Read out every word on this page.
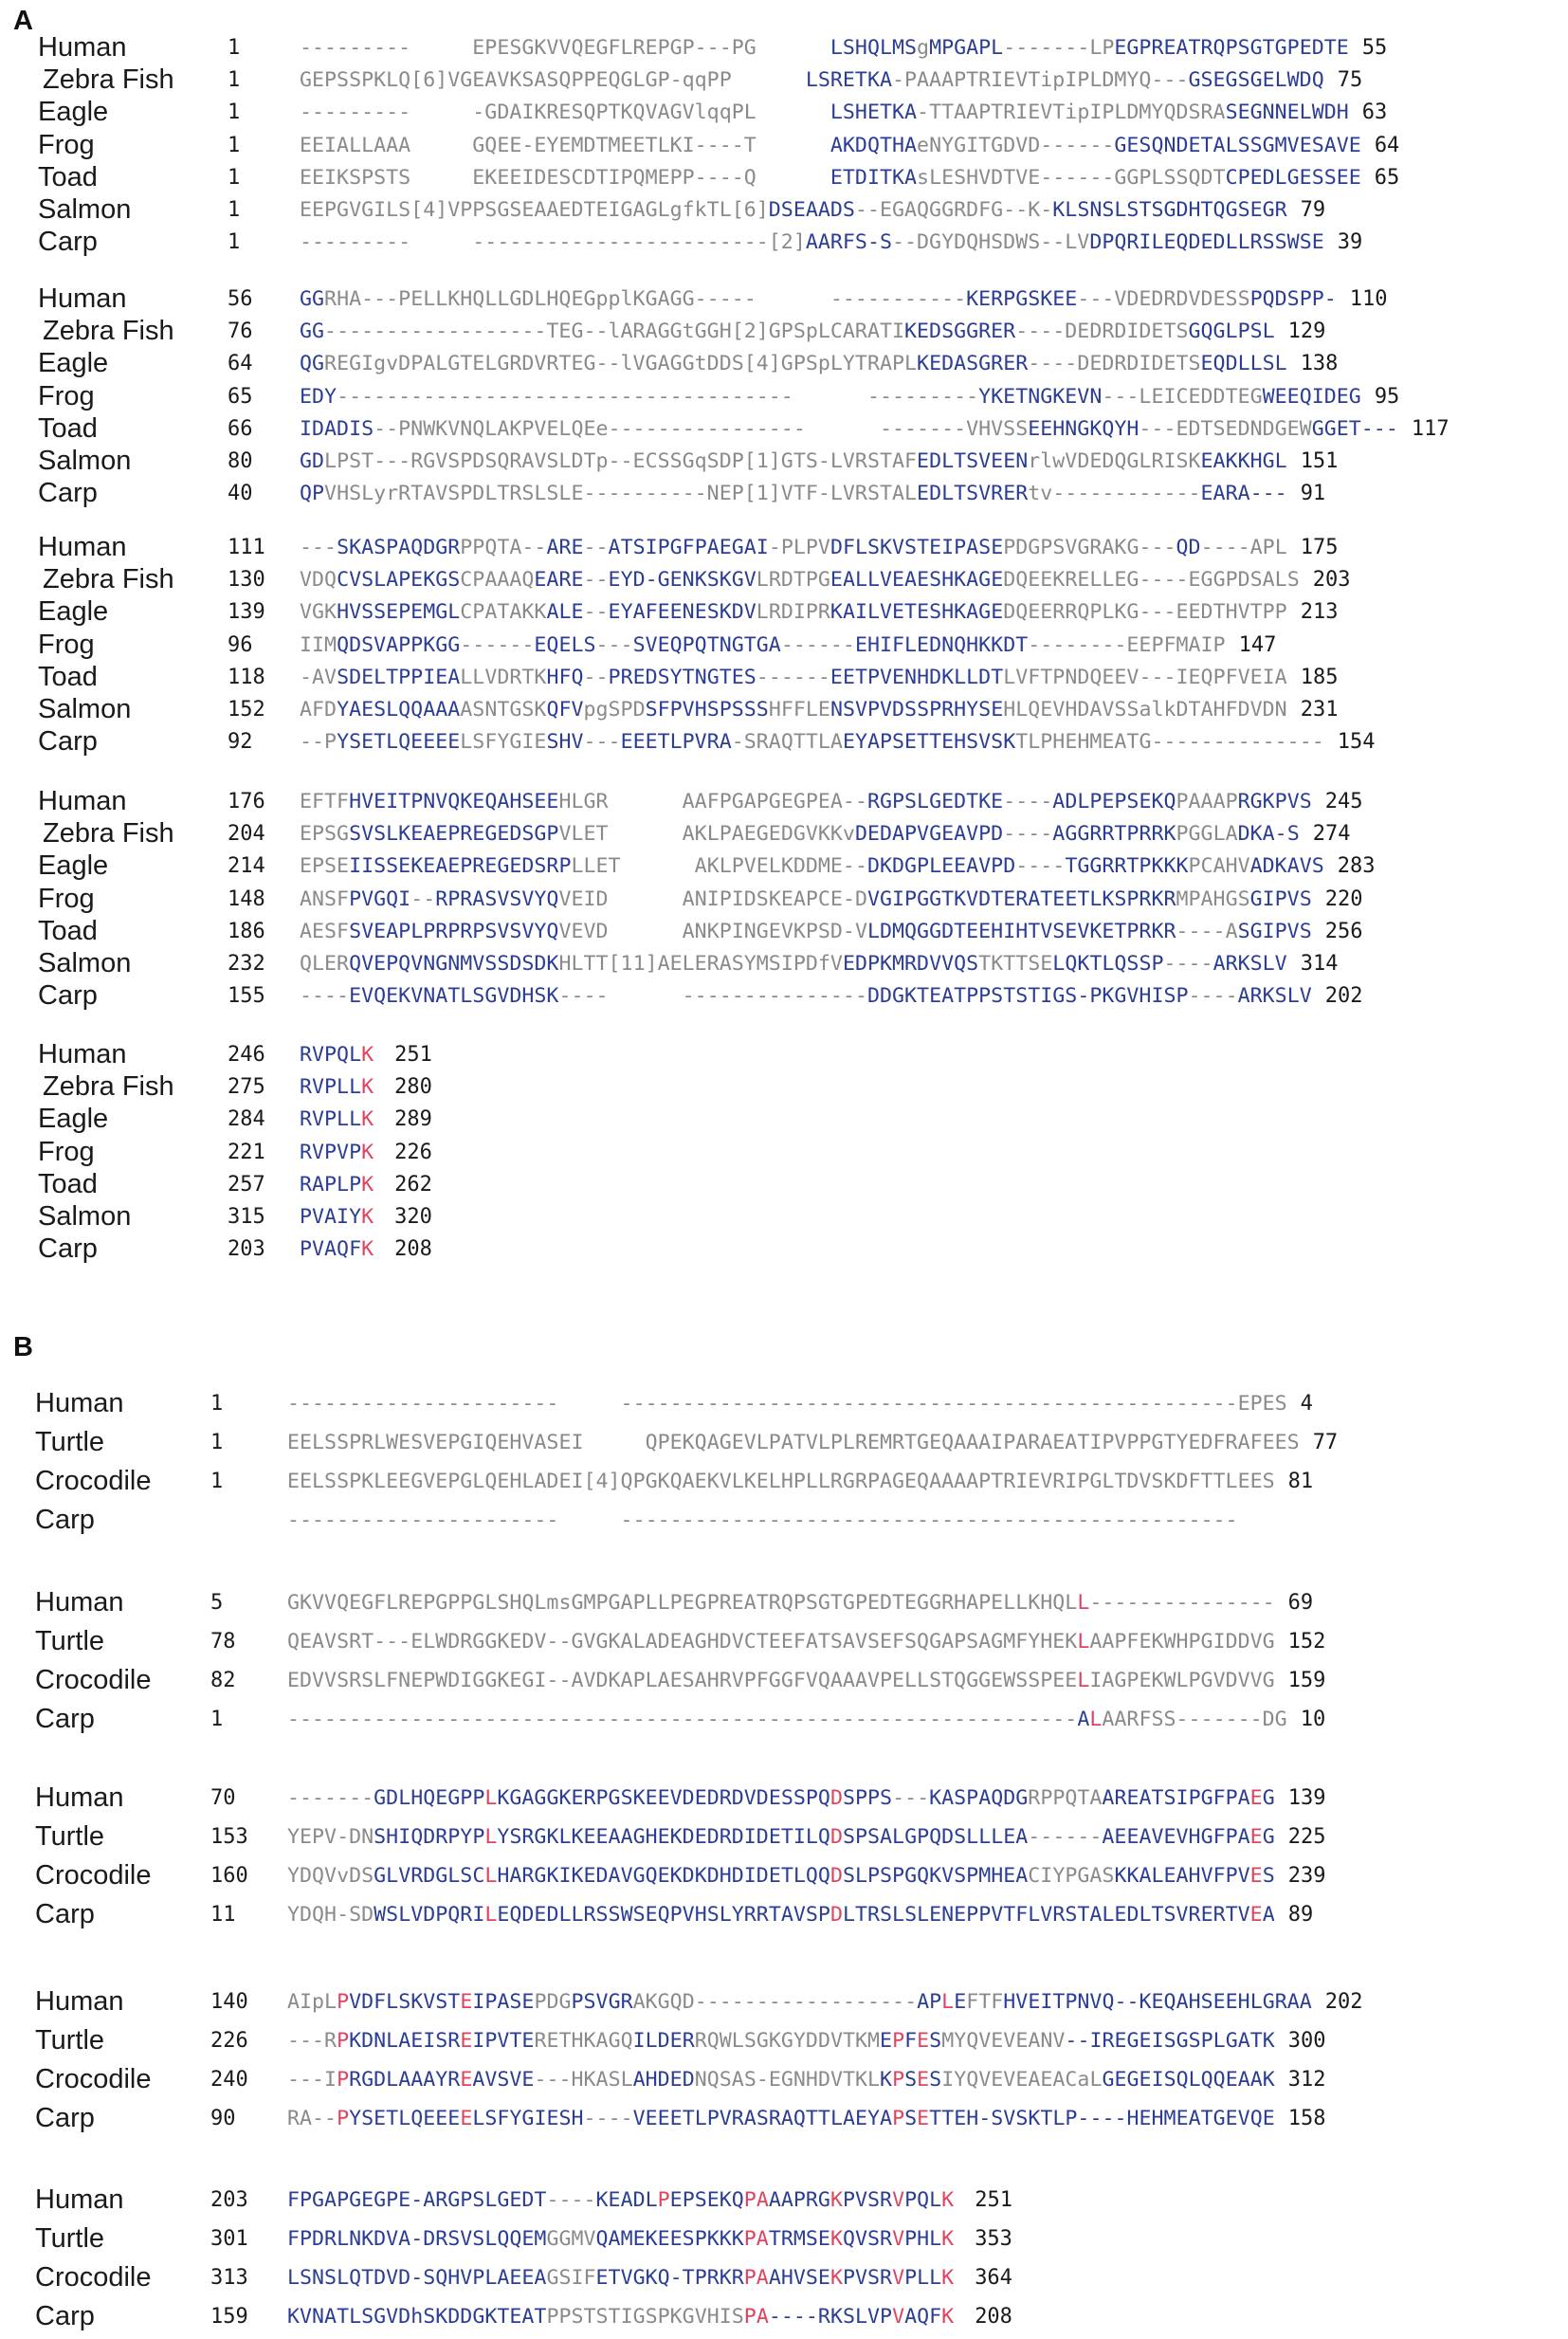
A
B
Human	1	---------     EPESGKVVQEGFLREPGP---PG      LSHQLMSgMPGAPL-------LPEGPREATRQPSGTGPEDTE 55
Zebra Fish	1	GEPSSPKLQ[6]VGEAVKSASQPPEQGLGP-qqPP      LSRETKA-PAAAPTRIEVTipIPLDMYQ---GSEGSGELWDQ 75
Eagle	1	---------     -GDAIKRESQPTKQVAGVlqqPL      LSHETKA-TTAAPTRIEVTipIPLDMYQDSRASEGNNELWDH 63
Frog	1	EEIALLAAA     GQEE-EYEMDTMEETLKI----T      AKDQTHAeNYGITGDVD------GESQNDETALSSGMVESAVE 64
Toad	1	EEIKSPSTS     EKEEIDESCDTIPQMEPP----Q      ETDITKAsLESHVDTVE------GGPLSSQDTCPEDLGESSEE 65
Salmon	1	EEPGVGILS[4]VPPSGSEAAEDTEIGAGLgfkTL[6]DSEAADS--EGAQGGRDFG--K-KLSNSLSTSGDHTQGSEGR 79
Carp	1	---------     ------------------------[2]AARFS-S--DGYDQHSDWS--LVDPQRILEQDEDLLRSSWSE 39
Human	56 GGRHA---PELLKHQLLGDLHQEGpplKGAGG-----      -----------KERPGSKEE---VDEDRDVDESSPQDSPP- 110
Zebra Fish	76 GG------------------TEG--lARAGGtGGH[2]GPSpLCARATIKEDSGGRER----DEDRDIDETSGQGLPSL 129
Eagle	64 QGREGIgvDPALGTELGRDVRTEG--lVGAGGtDDS[4]GPSpLYTRAPLKEDASGRER----DEDRDIDETSEQDLLSL 138
Frog	65 EDY-------------------------------------      ---------YKETNGKEVN---LEICEDDTEGWEEQIDEG 95
Toad	66 IDADIS--PNWKVNQLAKPVELQEe----------------      -------VHVSSEEHNGKQYH---EDTSEDNDGEWGGET--- 117
Salmon	80 GDLPST---RGVSPDSQRAVSLDTp--ECSSGqSDP[1]GTS-LVRSTAFEDLTSVEENrlwVDEDQGLRISKEAKKHGL 151
Carp	40 QPVHSLyrRTAVSPDLTRSLSLE----------NEP[1]VTF-LVRSTALEDLTSVRERtv------------EARA--- 91
Human	111 ---SKASPAQDGRPPQTA--ARE--ATSIPGFPAEGAI-PLPVDFLSKVSTEIPASEPDGPSVGRAKG---QD----APL 175
Zebra Fish	130 VDQCVSLAPEKGSCPAAAQEARE--EYD-GENKSKGVLRDTPGEALLVEAESHKAGEDQEEKRELLEG----EGGPDSALS 203
Eagle	139 VGKHVSSEPEMGLCPATAKKALE--EYAFEENESKDVLRDIPRKAILVETESHKAGEDQEERRQPLKG---EEDTHVTPP 213
Frog	96 IIMQDSVAPPKGG------EQELS---SVEQPQTNGTGA------EHIFLEDNQHKKDT--------EEPFMAIP 147
Toad	118 -AVSDELTPPIEALLVDRTKHFQ--PREDSYTNGTES------EETPVENHDKLLDTLVFTPNDQEEV---IEQPFVEIA 185
Salmon	152 AFDYAESLQQAAAASNTGSKQFVpgSPDSFPVHSPSSSHFFLENSVPVDSSPRHYSEHLQEVHDAVSSalkDTAHFDVDN 231
Carp	92 --PYSETLQEEEELSFYGIESHV---EEETLPVRA-SRAQTTLAEYAPSETTEHSVSKTLPHEHMEATG-------------- 154
Human	176 EFTFHVEITPNVQKEQAHSEEHLGR      AAFPGAPGEGPEA--RGPSLGEDTKE----ADLPEPSEKQPAAAPRGKPVS 245
Zebra Fish	204 EPSGSVSLKEAEPREGEDSGPVLET      AKLPAEGEDGVKKvDEDAPVGEAVPD----AGGRRTPRRKPGGLADKA-S 274
Eagle	214 EPSEIISSEKEAEPREGEDSRPLLET      AKLPVELKDDME--DKDGPLEEAVPD----TGGRRTPKKKPCAHVADKAVS 283
Frog	148 ANSFPVGQI--RPRASVSVYQVEID      ANIPIDSKEAPCE-DVGIPGGTKVDTERATEETLKSPRKRMPAHGSGIPVS 220
Toad	186 AESFSVEAPLPRPRPSVSVYQVEVD      ANKPINGEVKPSD-VLDMQGGDTEEHIHTVSEVKETPRKR----ASGIPVS 256
Salmon	232 QLERQVEPQVNGNMVSSDSDKHLTT[11]AELERASYMSIPDfVEDPKMRDVVQSTKTTSELQKTLQSSP----ARKSLV 314
Carp	155 ----EVQEKVNATLSGVDHSK----      ---------------DDGKTEATPPSTSTIGS-PKGVHISP----ARKSLV 202
Human	246 RVPQLK 251
Zebra Fish	275 RVPLLK 280
Eagle	284 RVPLLK 289
Frog	221 RVPVPK 226
Toad	257 RAPLPK 262
Salmon	315 PVAIYK 320
Carp	203 PVAQFK 208
Human	1	----------------------     --------------------------------------------------EPES 4
Turtle	1	EELSSPRLWESVEPGIQEHVASEI     QPEKQAGEVLPATVLPLREMRTGEQAAAIPARAEATIPVPPGTYEDFRAFEES 77
Crocodile	1	EELSSPKLEEGVEPGLQEHLADEI[4]QPGKQAEKVLKELHPLLRGRPAGEQAAAAPTRIEVRIPGLTDVSKDFTTLEES 81
Carp	----------------------     --------------------------------------------------
Human	5	GKVVQEGFLREPGPPGLSHQLmsGMPGAPLLPEGPREATRQPSGTGPEDTEGGRHAPELLKHQLL--------------- 69
Turtle	78	QEAVSRT---ELWDRGGKEDV--GVGKALADEAGHDVCTEEFATSAVSEFSQGAPSAGMFYHEKLAAPFEKWHPGIDDVG 152
Crocodile	82	EDVVSRSLFNEPWDIGGKEGI--AVDKAPLAESAHRVPFGGFVQAAAVPELLSTQGGEWSSPEELIAGPEKWLPGVDVVG 159
Carp	1	----------------------------------------------------------------ALAARFSS-------DG 10
Human	70	-------GDLHQEGPPLKGAGGKERPGSKEEVDEDRDVDESSPQDSPPS---KASPAQDGRPPQTAAREATSIPGFPAEG 139
Turtle	153 YEPV-DNSHIQDRPYPLYSRGKLKEEAAGHEKDEDRDIDETILQDSPSALGPQDSLLLEA------AEEAVEVHGFPAEG 225
Crocodile	160 YDQVvDSGLVRDGLSCLHARGKIKEDAVGQEKDKDHDIDETLQQDSLPSPGQKVSPMHEACIYPGASKKALEAHVFPVES 239
Carp	11	YDQH-SDWSLVDPQRILEQDEDLLRSSWSEQPVHSLYRRTAVSPDLTRSLSLENEPPVTFLVRSTALEDLTSVRERTVEA 89
Human	140 AIpLPVDFLSKVSTEIPASEPDGPSVGRAKGQD------------------APLEFTFHVEITPNVQ--KEQAHSEEHLGRAA 202
Turtle	226 ---RPKDNLAEISREIPVTERETHKAGQILDERRQWLSGKGYDDVTKMEPFESMYQVEVEANV--IREGEISGSPLGATK 300
Crocodile	240 ---IPRGDLAAAYREAVSVE---HKASLAHDEDNQSAS-EGNHDVTKLKPSESIYQVEVEAEACaLGEGEISQLQQEAAK 312
Carp	90	RA--PYSETLQEEEELSFYGIESH----VEEETLPVRASRAQTTLAEYAPSETTEH-SVSKTLP----HEHMEATGEVQE 158
Human	203 FPGAPGEGPE-ARGPSLGEDT----KEADLPEPSEKQPAAAPRGKPVSRVPQLK 251
Turtle	301 FPDRLNKDVA-DRSVSLQQEMGGMVQAMEKEESPKKKPATRMSEKQVSRVPHLK 353
Crocodile	313 LSNSLQTDVD-SQHVPLAEEAGSIFETVGKQ-TPRKRPAAHVSEKPVSRVPLLK 364
Carp	159 KVNATLSGVDhSKDDGKTEATPPSTSTIGSPKGVHISPA----RKSLVPVAQFK 208
